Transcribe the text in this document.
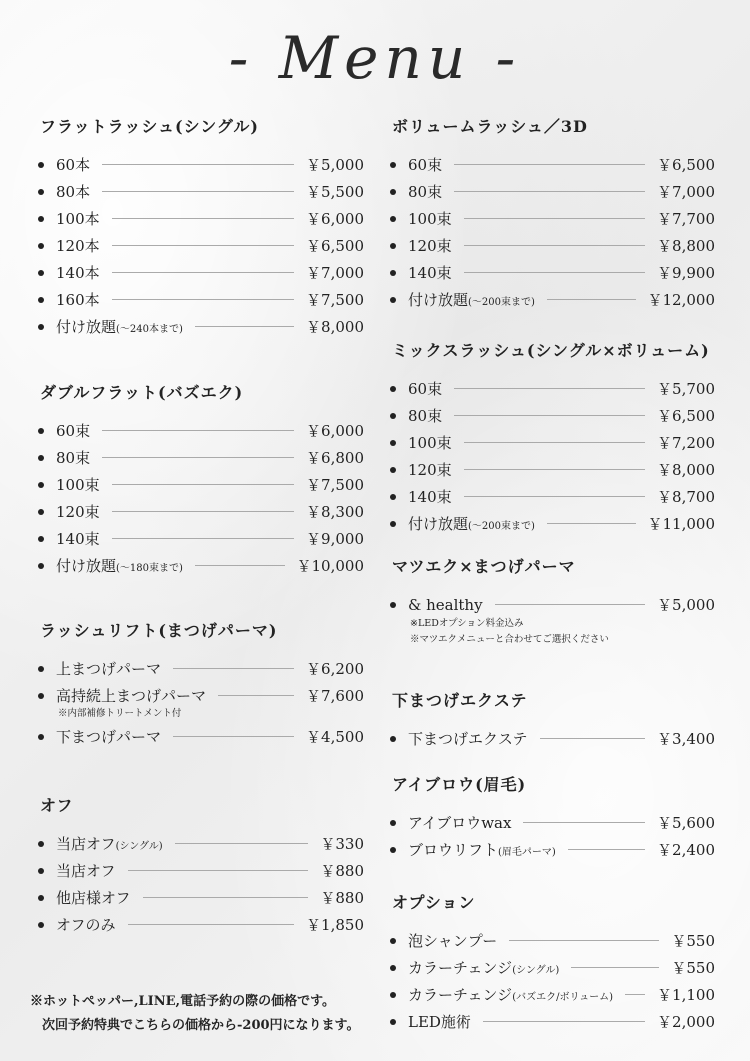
- Menu -
フラットラッシュ(シングル)
60本	￥5,000
80本	￥5,500
100本	￥6,000
120本	￥6,500
140本	￥7,000
160本	￥7,500
付け放題(～240本まで)	￥8,000
ダブルフラット(バズエク)
60束	￥6,000
80束	￥6,800
100束	￥7,500
120束	￥8,300
140束	￥9,000
付け放題(～180束まで)	￥10,000
ラッシュリフト(まつげパーマ)
上まつげパーマ	￥6,200
高持続上まつげパーマ	￥7,600
※内部補修トリートメント付
下まつげパーマ	￥4,500
オフ
当店オフ(シングル)	￥330
当店オフ	￥880
他店様オフ	￥880
オフのみ	￥1,850
ボリュームラッシュ／3D
60束	￥6,500
80束	￥7,000
100束	￥7,700
120束	￥8,800
140束	￥9,900
付け放題(～200束まで)	￥12,000
ミックスラッシュ(シングル×ボリューム)
60束	￥5,700
80束	￥6,500
100束	￥7,200
120束	￥8,000
140束	￥8,700
付け放題(～200束まで)	￥11,000
マツエク×まつげパーマ
& healthy	￥5,000
※LEDオプション料金込み
※マツエクメニューと合わせてご選択ください
下まつげエクステ
下まつげエクステ	￥3,400
アイブロウ(眉毛)
アイブロウwax	￥5,600
ブロウリフト(眉毛パーマ)	￥2,400
オプション
泡シャンプー	￥550
カラーチェンジ(シングル)	￥550
カラーチェンジ(バズエク/ボリューム)	￥1,100
LED施術	￥2,000
※ホットペッパー,LINE,電話予約の際の価格です。
次回予約特典でこちらの価格から-200円になります。
